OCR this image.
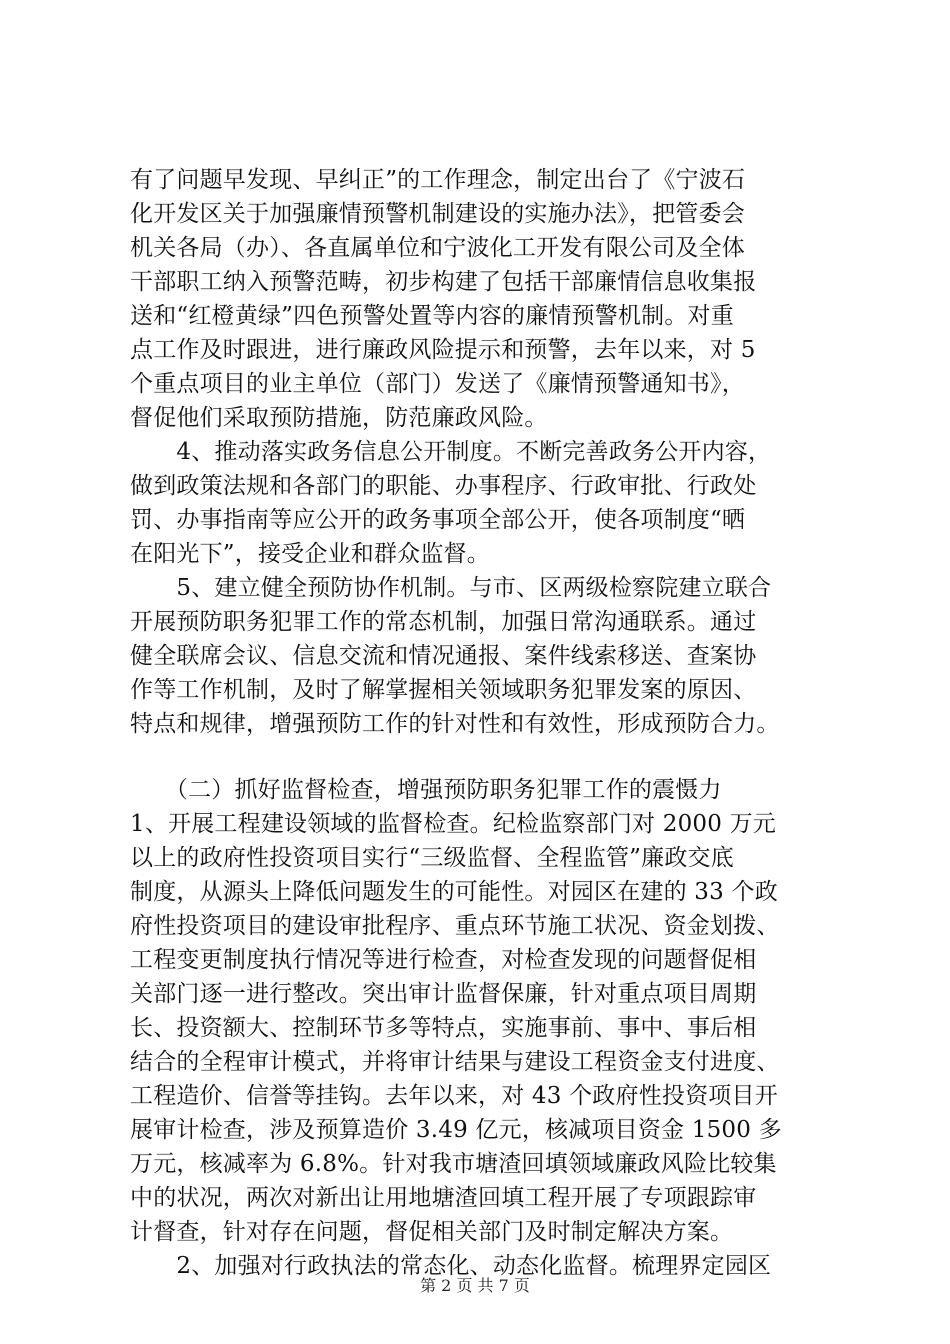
有了问题早发现、早纠正”的工作理念，制定出台了《宁波石
化开发区关于加强廉情预警机制建设的实施办法》，把管委会
机关各局（办）、各直属单位和宁波化工开发有限公司及全体
干部职工纳入预警范畴，初步构建了包括干部廉情信息收集报
送和“红橙黄绿”四色预警处置等内容的廉情预警机制。对重
点工作及时跟进，进行廉政风险提示和预警，去年以来，对 5
个重点项目的业主单位（部门）发送了《廉情预警通知书》，
督促他们采取预防措施，防范廉政风险。
　　4、推动落实政务信息公开制度。不断完善政务公开内容，
做到政策法规和各部门的职能、办事程序、行政审批、行政处
罚、办事指南等应公开的政务事项全部公开，使各项制度“晒
在阳光下”，接受企业和群众监督。
　　5、建立健全预防协作机制。与市、区两级检察院建立联合
开展预防职务犯罪工作的常态机制，加强日常沟通联系。通过
健全联席会议、信息交流和情况通报、案件线索移送、查案协
作等工作机制，及时了解掌握相关领域职务犯罪发案的原因、
特点和规律，增强预防工作的针对性和有效性，形成预防合力。
　　（二）抓好监督检查，增强预防职务犯罪工作的震慑力
1、开展工程建设领域的监督检查。纪检监察部门对 2000 万元
以上的政府性投资项目实行“三级监督、全程监管”廉政交底
制度，从源头上降低问题发生的可能性。对园区在建的 33 个政
府性投资项目的建设审批程序、重点环节施工状况、资金划拨、
工程变更制度执行情况等进行检查，对检查发现的问题督促相
关部门逐一进行整改。突出审计监督保廉，针对重点项目周期
长、投资额大、控制环节多等特点，实施事前、事中、事后相
结合的全程审计模式，并将审计结果与建设工程资金支付进度、
工程造价、信誉等挂钩。去年以来，对 43 个政府性投资项目开
展审计检查，涉及预算造价 3.49 亿元，核减项目资金 1500 多
万元，核减率为 6.8%。针对我市塘渣回填领域廉政风险比较集
中的状况，两次对新出让用地塘渣回填工程开展了专项跟踪审
计督查，针对存在问题，督促相关部门及时制定解决方案。
　　2、加强对行政执法的常态化、动态化监督。梳理界定园区
第 2 页 共 7 页
